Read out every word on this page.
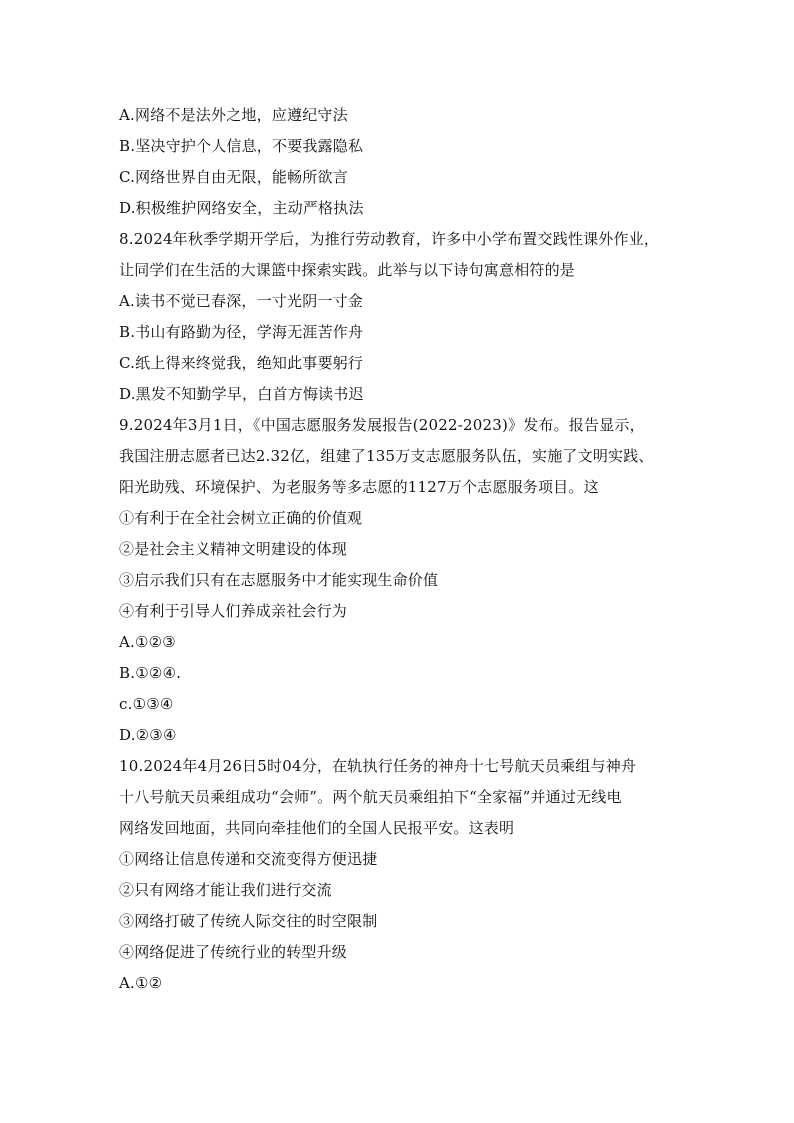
A.网络不是法外之地，应遵纪守法
B.坚决守护个人信息，不要我露隐私
C.网络世界自由无限，能畅所欲言
D.积极维护网络安全，主动严格执法
8.2024年秋季学期开学后，为推行劳动教育，许多中小学布置交践性课外作业，
让同学们在生活的大课篮中探索实践。此举与以下诗句寓意相符的是
A.读书不觉已春深，一寸光阴一寸金
B.书山有路勤为径，学海无涯苦作舟
C.纸上得来终觉我，绝知此事要躬行
D.黑发不知勤学早，白首方悔读书迟
9.2024年3月1日，《中国志愿服务发展报告(2022-2023)》发布。报告显示，
我国注册志愿者已达2.32亿，组建了135万支志愿服务队伍，实施了文明实践、
阳光助残、环境保护、为老服务等多志愿的1127万个志愿服务项目。这
①有利于在全社会树立正确的价值观
②是社会主义精神文明建设的体现
③启示我们只有在志愿服务中才能实现生命价值
④有利于引导人们养成亲社会行为
A.①②③
B.①②④.
c.①③④
D.②③④
10.2024年4月26日5时04分，在轨执行任务的神舟十七号航天员乘组与神舟
十八号航天员乘组成功“会师”。两个航天员乘组拍下“全家福”并通过无线电
网络发回地面，共同向牵挂他们的全国人民报平安。这表明
①网络让信息传递和交流变得方便迅捷
②只有网络才能让我们进行交流
③网络打破了传统人际交往的时空限制
④网络促进了传统行业的转型升级
A.①②
